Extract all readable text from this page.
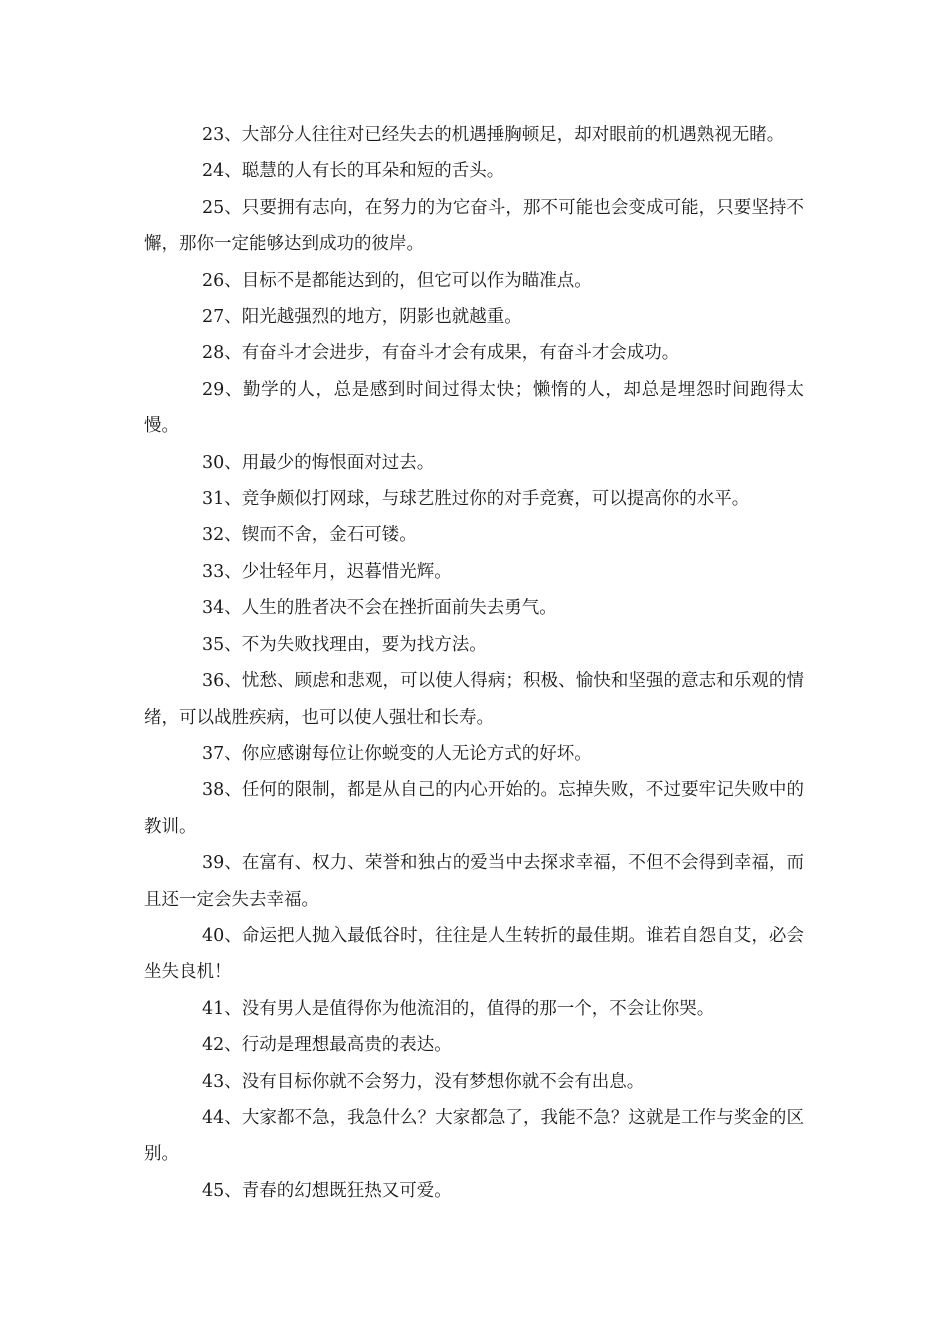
23、大部分人往往对已经失去的机遇捶胸顿足，却对眼前的机遇熟视无睹。

24、聪慧的人有长的耳朵和短的舌头。

25、只要拥有志向，在努力的为它奋斗，那不可能也会变成可能，只要坚持不懈，那你一定能够达到成功的彼岸。

26、目标不是都能达到的，但它可以作为瞄准点。

27、阳光越强烈的地方，阴影也就越重。

28、有奋斗才会进步，有奋斗才会有成果，有奋斗才会成功。

29、勤学的人，总是感到时间过得太快；懒惰的人，却总是埋怨时间跑得太慢。

30、用最少的悔恨面对过去。

31、竞争颇似打网球，与球艺胜过你的对手竞赛，可以提高你的水平。

32、锲而不舍，金石可镂。

33、少壮轻年月，迟暮惜光辉。

34、人生的胜者决不会在挫折面前失去勇气。

35、不为失败找理由，要为找方法。

36、忧愁、顾虑和悲观，可以使人得病；积极、愉快和坚强的意志和乐观的情绪，可以战胜疾病，也可以使人强壮和长寿。

37、你应感谢每位让你蜕变的人无论方式的好坏。

38、任何的限制，都是从自己的内心开始的。忘掉失败，不过要牢记失败中的教训。

39、在富有、权力、荣誉和独占的爱当中去探求幸福，不但不会得到幸福，而且还一定会失去幸福。

40、命运把人抛入最低谷时，往往是人生转折的最佳期。谁若自怨自艾，必会坐失良机！

41、没有男人是值得你为他流泪的，值得的那一个，不会让你哭。

42、行动是理想最高贵的表达。

43、没有目标你就不会努力，没有梦想你就不会有出息。

44、大家都不急，我急什么？大家都急了，我能不急？这就是工作与奖金的区别。

45、青春的幻想既狂热又可爱。
